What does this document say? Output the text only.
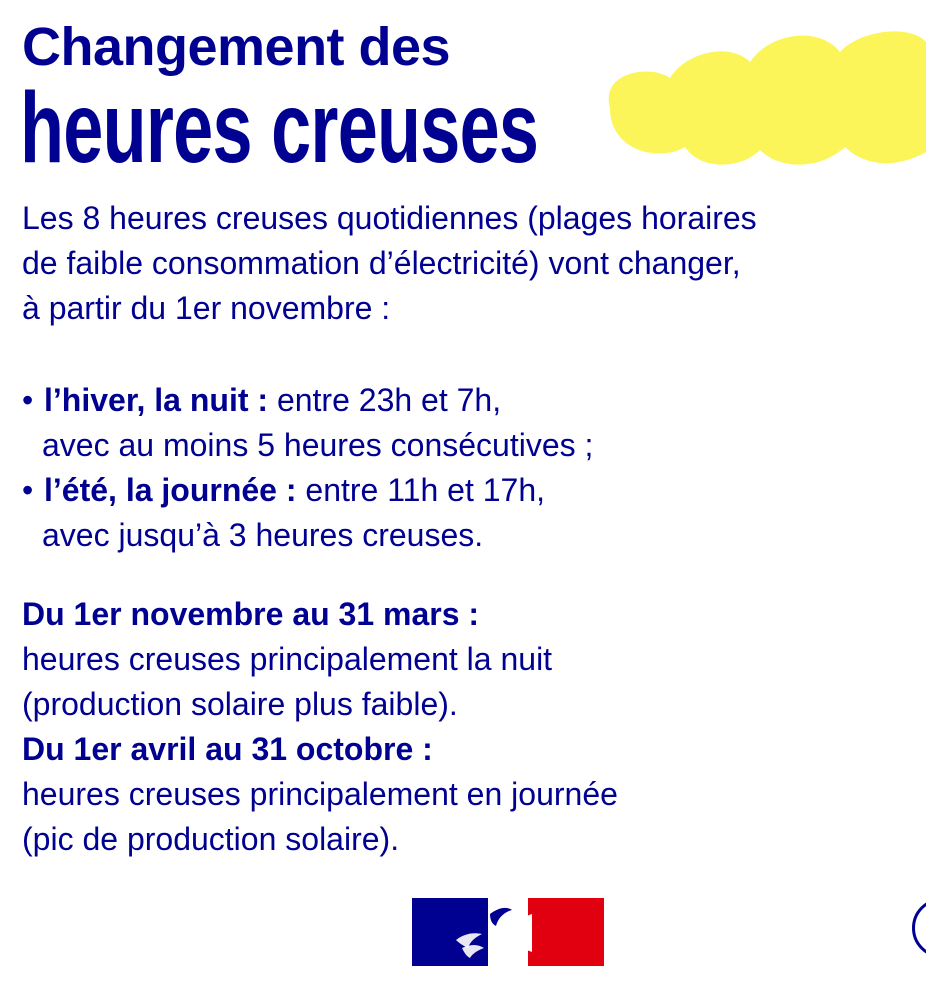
Changement des
heures creuses
Les 8 heures creuses quotidiennes (plages horaires
de faible consommation d’électricité) vont changer,
à partir du 1er novembre :
• l’hiver, la nuit : entre 23h et 7h,
avec au moins 5 heures consécutives ;
• l’été, la journée : entre 11h et 17h,
avec jusqu’à 3 heures creuses.
Du 1er novembre au 31 mars :
heures creuses principalement la nuit
(production solaire plus faible).
Du 1er avril au 31 octobre :
heures creuses principalement en journée
(pic de production solaire).
